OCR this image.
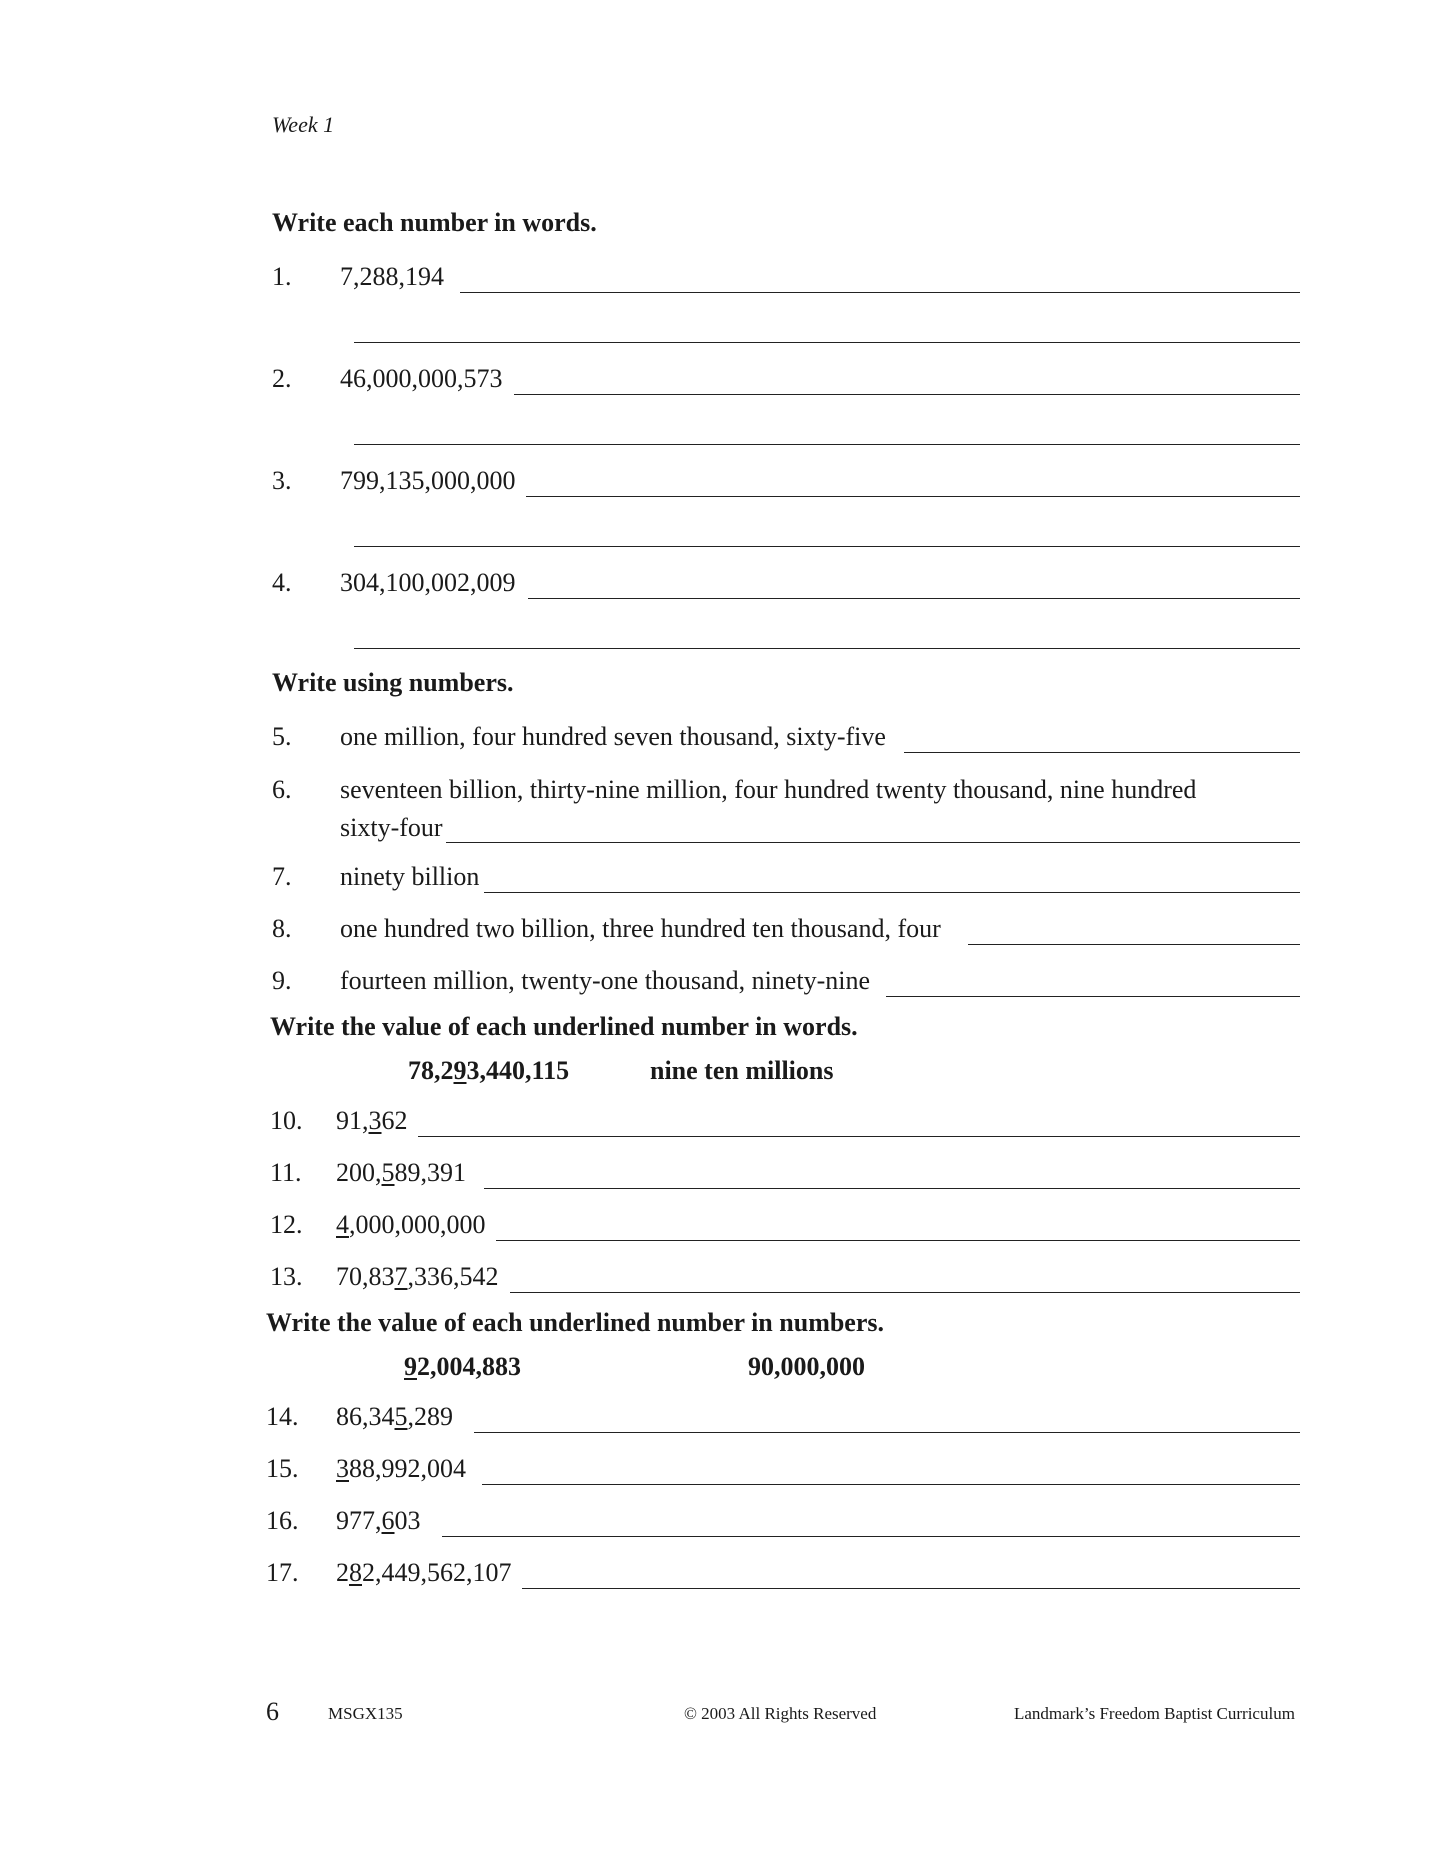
Week 1
Write each number in words.
1. 7,288,194
2. 46,000,000,573
3. 799,135,000,000
4. 304,100,002,009
Write using numbers.
5. one million, four hundred seven thousand, sixty-five
6. seventeen billion, thirty-nine million, four hundred twenty thousand, nine hundred
sixty-four
7. ninety billion
8. one hundred two billion, three hundred ten thousand, four
9. fourteen million, twenty-one thousand, ninety-nine
Write the value of each underlined number in words.
78,293,440,115	nine ten millions
10. 91,362
11. 200,589,391
12. 4,000,000,000
13. 70,837,336,542
Write the value of each underlined number in numbers.
92,004,883	90,000,000
14. 86,345,289
15. 388,992,004
16. 977,603
17. 282,449,562,107
6	MSGX135	© 2003 All Rights Reserved	Landmark’s Freedom Baptist Curriculum
